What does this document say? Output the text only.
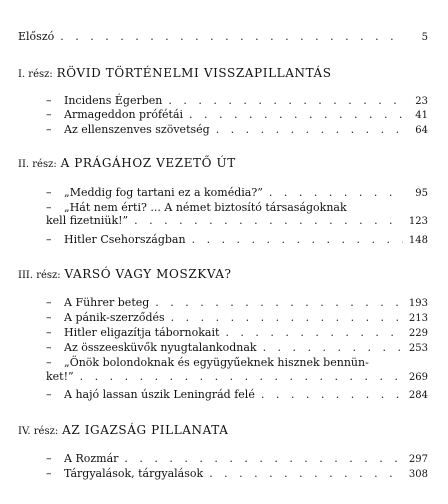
Előszó . . .	5
I. rész: RÖVID TÖRTÉNELMI VISSZAPILLANTÁS
–	Incidens Égerben . . .	23
–	Armageddon prófétái . . .	41
–	Az ellenszenves szövetség . . .	64
II. rész: A PRÁGÁHOZ VEZETŐ ÚT
–	„Meddig fog tartani ez a komédia?” . . .	95
–	„Hát nem érti? ... A német biztosító társaságoknak
kell fizetniük!” . . .	123
–	Hitler Csehországban . . .	148
III. rész: VARSÓ VAGY MOSZKVA?
–	A Führer beteg . . .	193
–	A pánik-szerződés . . .	213
–	Hitler eligazítja tábornokait . . .	229
–	Az összeesküvők nyugtalankodnak . . .	253
–	„Önök bolondoknak és együgyűeknek hisznek bennün-
ket!” . . .	269
–	A hajó lassan úszik Leningrád felé . . .	284
IV. rész: AZ IGAZSÁG PILLANATA
–	A Rozmár . . .	297
–	Tárgyalások, tárgyalások . . .	308
